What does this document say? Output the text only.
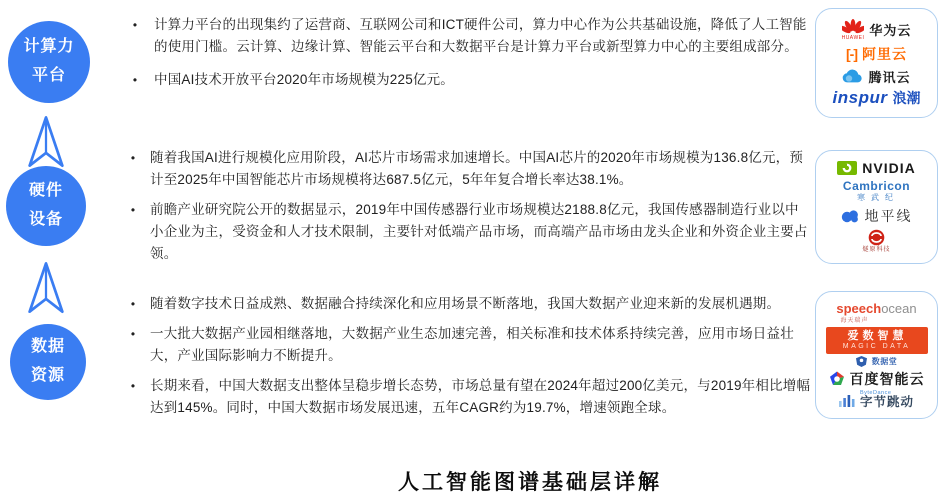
计算力
平台
硬件
设备
数据
资源
•	计算力平台的出现集约了运营商、互联网公司和ICT硬件公司，算力中心作为公共基础设施，降低了人工智能的使用门槛。云计算、边缘计算、智能云平台和大数据平台是计算力平台或新型算力中心的主要组成部分。

•	中国AI技术开放平台2020年市场规模为225亿元。

•	随着我国AI进行规模化应用阶段，AI芯片市场需求加速增长。中国AI芯片的2020年市场规模为136.8亿元，预计至2025年中国智能芯片市场规模将达687.5亿元，5年年复合增长率达38.1%。

•	前瞻产业研究院公开的数据显示，2019年中国传感器行业市场规模达2188.8亿元，我国传感器制造行业以中小企业为主，受资金和人才技术限制，主要针对低端产品市场，而高端产品市场由龙头企业和外资企业主要占领。

•	随着数字技术日益成熟、数据融合持续深化和应用场景不断落地，我国大数据产业迎来新的发展机遇期。

•	一大批大数据产业园相继落地，大数据产业生态加速完善，相关标准和技术体系持续完善，应用市场日益壮大，产业国际影响力不断提升。

•	长期来看，中国大数据支出整体呈稳步增长态势，市场总量有望在2024年超过200亿美元，与2019年相比增幅达到145%。同时，中国大数据市场发展迅速，五年CAGR约为19.7%，增速领跑全球。

HUAWEI 华为云
[-] 阿里云
腾讯云
inspur 浪潮
NVIDIA
Cambricon
寒武纪
地平线
燧原科技
speechocean
海天瑞声
爱数智慧
MAGIC DATA
数据堂
百度智能云
ByteDance
字节跳动
人工智能图谱基础层详解
